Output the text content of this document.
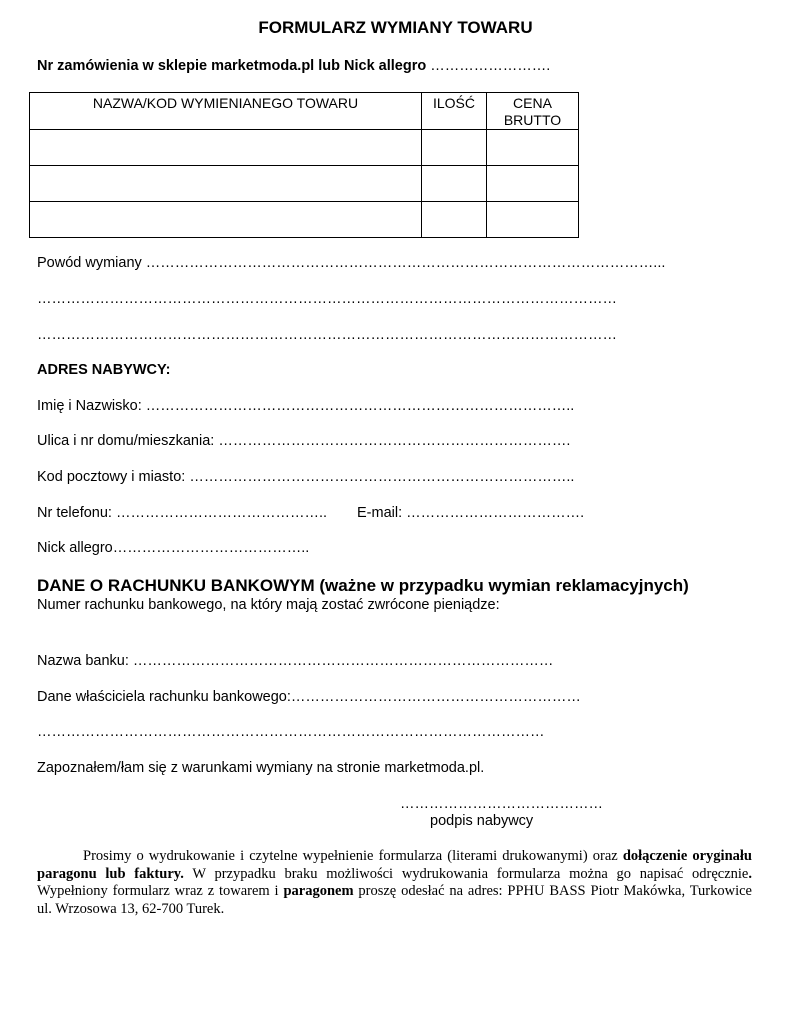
FORMULARZ WYMIANY TOWARU
Nr zamówienia w sklepie marketmoda.pl lub Nick allegro …………………….
NAZWA/KOD WYMIENIANEGO TOWARU	ILOŚĆ	CENA BRUTTO

Powód wymiany ……………………………………………………………………………………………...
…………………………………………………………………………………………………………
…………………………………………………………………………………………………………
ADRES NABYWCY:
Imię i Nazwisko: ……………………………………………………………………………..
Ulica i nr domu/mieszkania: ……………………………………………………………….
Kod pocztowy i miasto: ……………………………………………………………………..
Nr telefonu: …………………………………….. E-mail: ……………………………….
Nick allegro…………………………………..
DANE O RACHUNKU BANKOWYM (ważne w przypadku wymian reklamacyjnych)
Numer rachunku bankowego, na który mają zostać zwrócone pieniądze:
Nazwa banku: ……………………………………………………………………………
Dane właściciela rachunku bankowego:……………………………………………………
……………………………………………………………………………………………
Zapoznałem/łam się z warunkami wymiany na stronie marketmoda.pl.
……………………………………
podpis nabywcy
Prosimy o wydrukowanie i czytelne wypełnienie formularza (literami drukowanymi) oraz dołączenie oryginału paragonu lub faktury. W przypadku braku możliwości wydrukowania formularza można go napisać odręcznie. Wypełniony formularz wraz z towarem i paragonem proszę odesłać na adres: PPHU BASS Piotr Makówka, Turkowice ul. Wrzosowa 13, 62-700 Turek.
